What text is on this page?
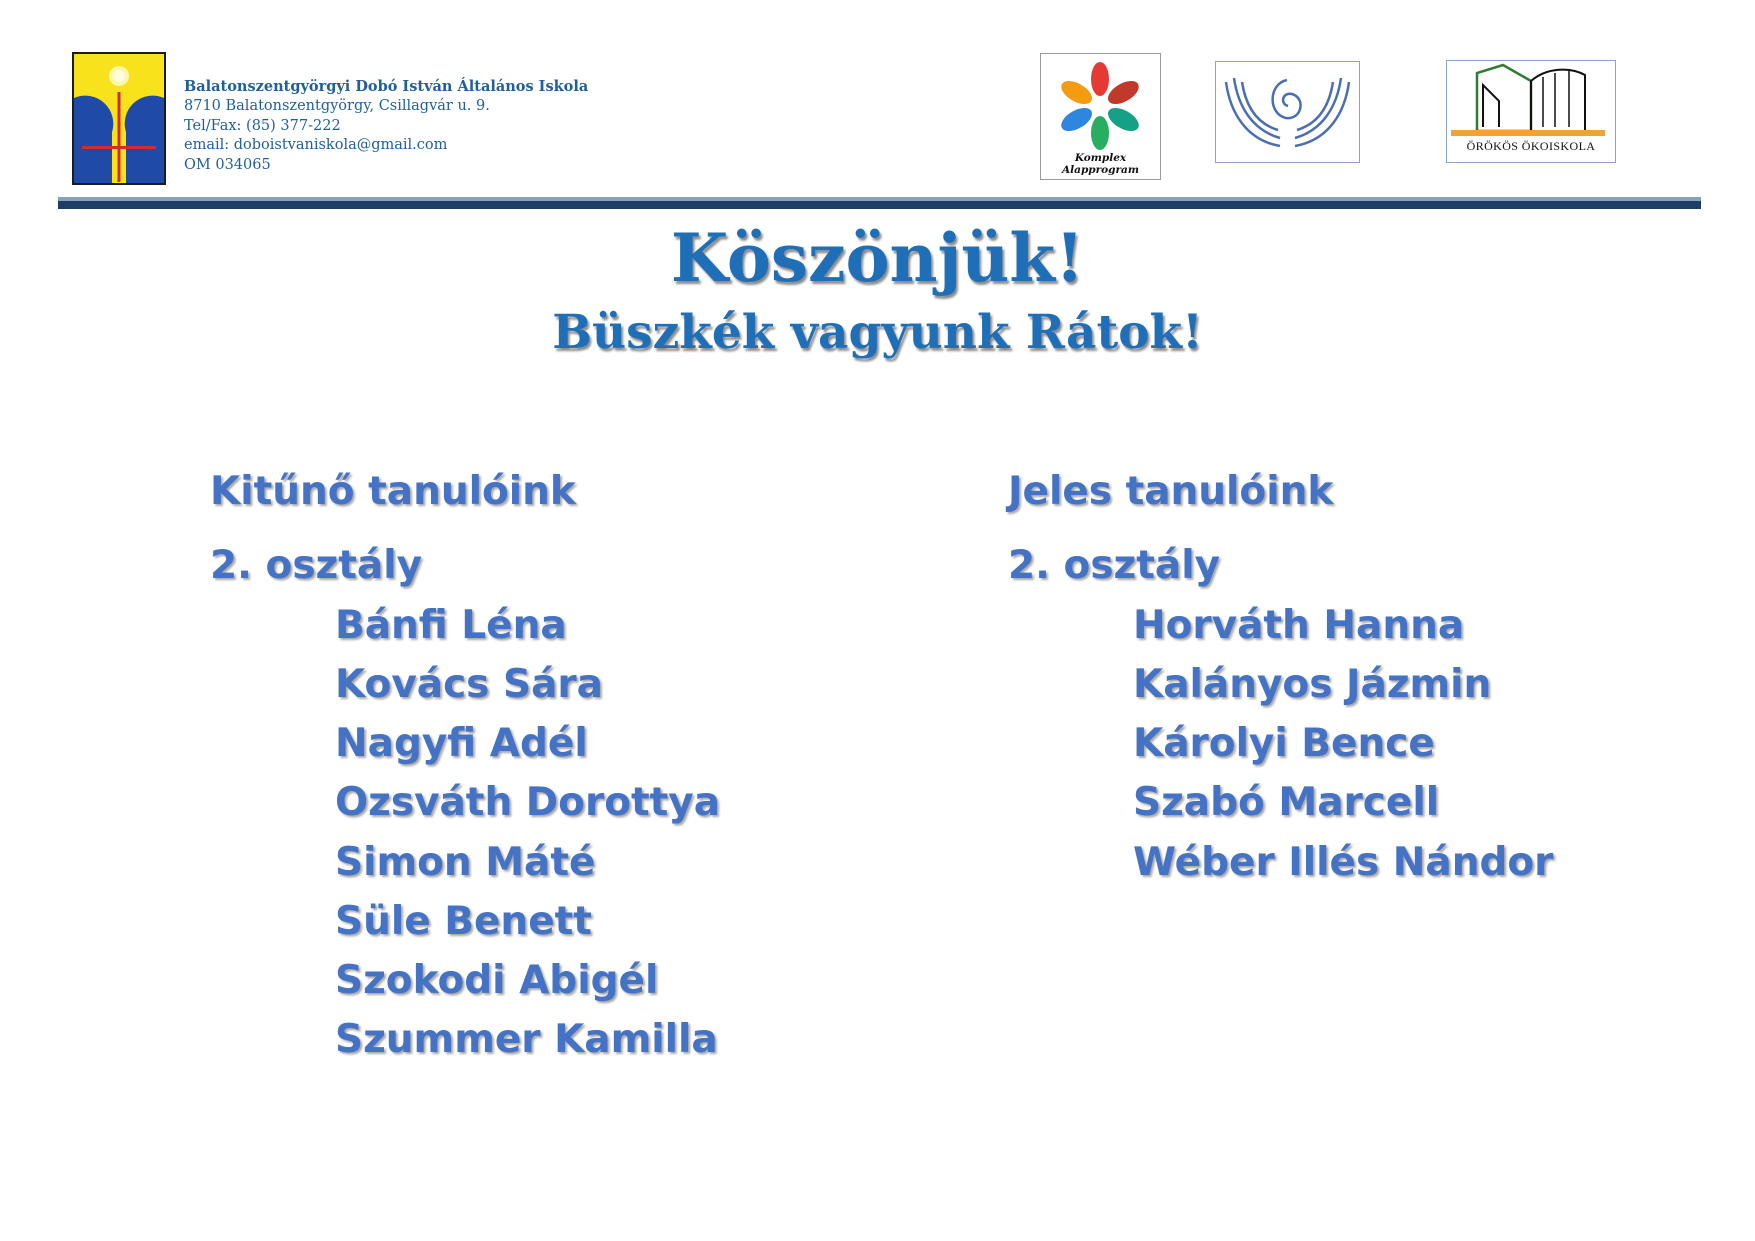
Balatonszentgyörgyi Dobó István Általános Iskola
8710 Balatonszentgyörgy, Csillagvár u. 9.
Tel/Fax: (85) 377-222
email: doboistvaniskola@gmail.com
OM 034065	Komplex Alapprogram
ÖRÖKÖS ÖKOISKOLA
Köszönjük!
Büszkék vagyunk Rátok!
Kitűnő tanulóink
2. osztály
Bánfi Léna
Kovács Sára
Nagyfi Adél
Ozsváth Dorottya
Simon Máté
Süle Benett
Szokodi Abigél
Szummer Kamilla
Jeles tanulóink
2. osztály
Horváth Hanna
Kalányos Jázmin
Károlyi Bence
Szabó Marcell
Wéber Illés Nándor
